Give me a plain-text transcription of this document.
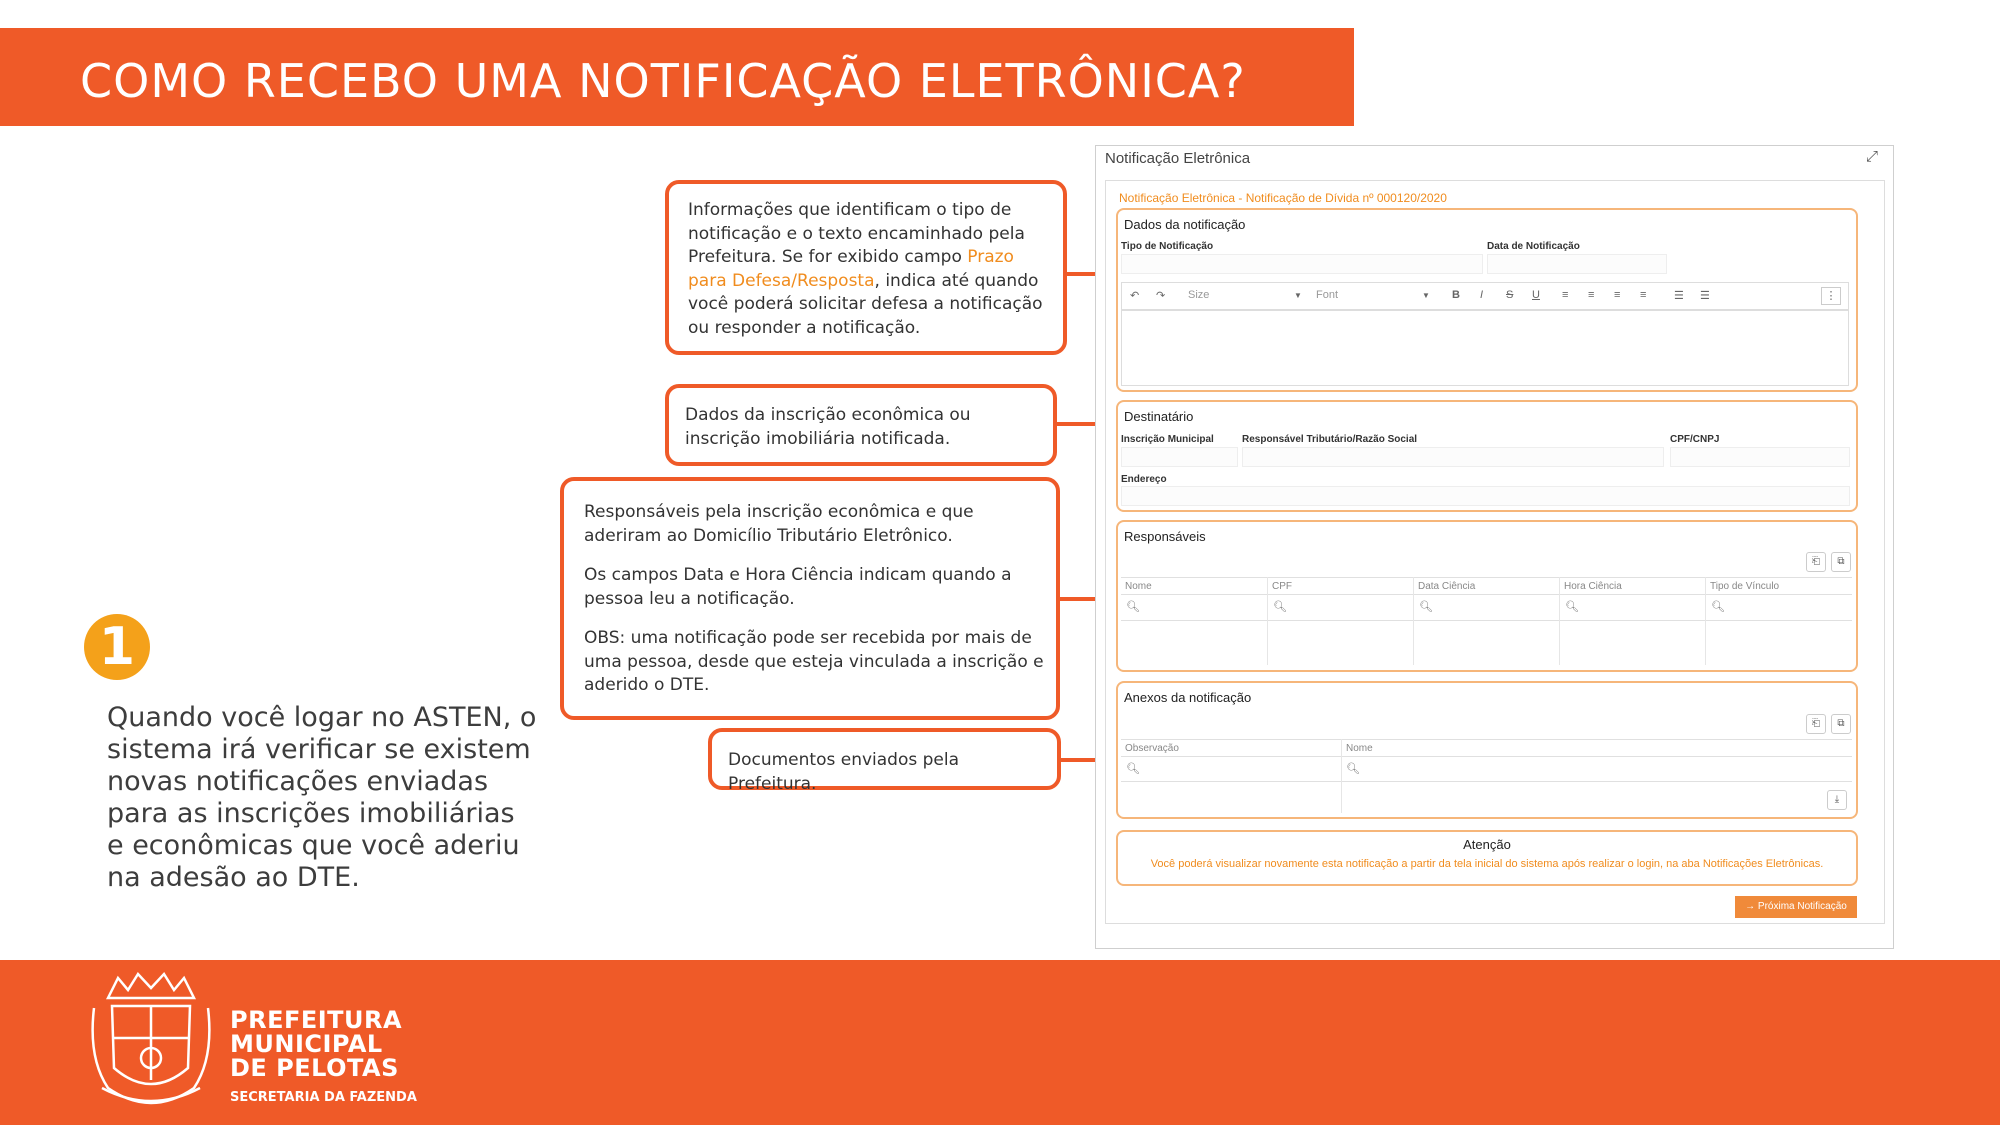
COMO RECEBO UMA NOTIFICAÇÃO ELETRÔNICA?
1
Quando você logar no ASTEN, o sistema irá verificar se existem novas notificações enviadas para as inscrições imobiliárias e econômicas que você aderiu na adesão ao DTE.
Informações que identificam o tipo de notificação e o texto encaminhado pela Prefeitura. Se for exibido campo Prazo para Defesa/Resposta, indica até quando você poderá solicitar defesa a notificação ou responder a notificação.
Dados da inscrição econômica ou inscrição imobiliária notificada.

Responsáveis pela inscrição econômica e que aderiram ao Domicílio Tributário Eletrônico.

Os campos Data e Hora Ciência indicam quando a pessoa leu a notificação.

OBS: uma notificação pode ser recebida por mais de uma pessoa, desde que esteja vinculada a inscrição e aderido o DTE.

Documentos enviados pela Prefeitura.
Notificação Eletrônica	⤢
Notificação Eletrônica - Notificação de Dívida nº 000120/2020
Dados da notificação
Tipo de Notificação	Data de Notificação
↶ ↷ Size	▼ Font	▼ B I S U ≡ ≡ ≡ ≡	☰ ☰	⋮
Destinatário
Inscrição Municipal	Responsável Tributário/Razão Social	CPF/CNPJ
Endereço
Responsáveis
⎗	⧉
Nome	CPF	Data Ciência	Hora Ciência	Tipo de Vínculo
🔍︎	🔍︎	🔍︎	🔍︎	🔍︎
Anexos da notificação
⎗	⧉
Observação	Nome
🔍︎	🔍︎
⤓
Atenção
Você poderá visualizar novamente esta notificação a partir da tela inicial do sistema após realizar o login, na aba Notificações Eletrônicas.
→ Próxima Notificação
PREFEITURA
MUNICIPAL
DE PELOTAS
SECRETARIA DA FAZENDA
